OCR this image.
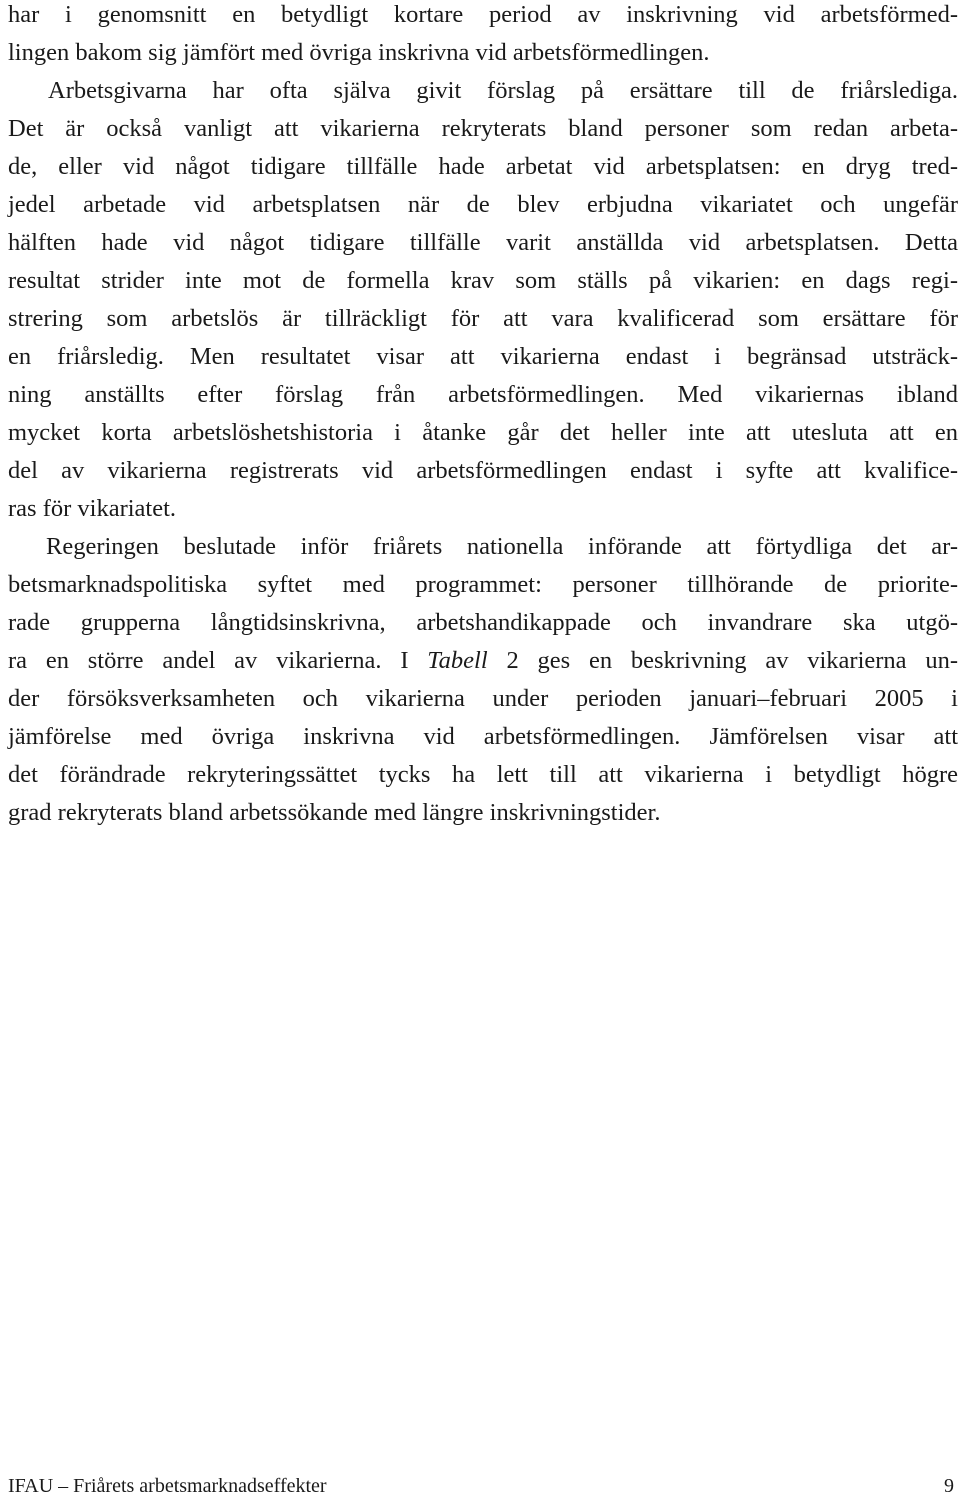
har i genomsnitt en betydligt kortare period av inskrivning vid arbetsförmed-
lingen bakom sig jämfört med övriga inskrivna vid arbetsförmedlingen.
Arbetsgivarna har ofta själva givit förslag på ersättare till de friårslediga.
Det är också vanligt att vikarierna rekryterats bland personer som redan arbeta-
de, eller vid något tidigare tillfälle hade arbetat vid arbetsplatsen: en dryg tred-
jedel arbetade vid arbetsplatsen när de blev erbjudna vikariatet och ungefär
hälften hade vid något tidigare tillfälle varit anställda vid arbetsplatsen. Detta
resultat strider inte mot de formella krav som ställs på vikarien: en dags regi-
strering som arbetslös är tillräckligt för att vara kvalificerad som ersättare för
en friårsledig. Men resultatet visar att vikarierna endast i begränsad utsträck-
ning anställts efter förslag från arbetsförmedlingen. Med vikariernas ibland
mycket korta arbetslöshetshistoria i åtanke går det heller inte att utesluta att en
del av vikarierna registrerats vid arbetsförmedlingen endast i syfte att kvalifice-
ras för vikariatet.
Regeringen beslutade inför friårets nationella införande att förtydliga det ar-
betsmarknadspolitiska syftet med programmet: personer tillhörande de priorite-
rade grupperna långtidsinskrivna, arbetshandikappade och invandrare ska utgö-
ra en större andel av vikarierna. I Tabell 2 ges en beskrivning av vikarierna un-
der försöksverksamheten och vikarierna under perioden januari–februari 2005 i
jämförelse med övriga inskrivna vid arbetsförmedlingen. Jämförelsen visar att
det förändrade rekryteringssättet tycks ha lett till att vikarierna i betydligt högre
grad rekryterats bland arbetssökande med längre inskrivningstider.
IFAU – Friårets arbetsmarknadseffekter	9
